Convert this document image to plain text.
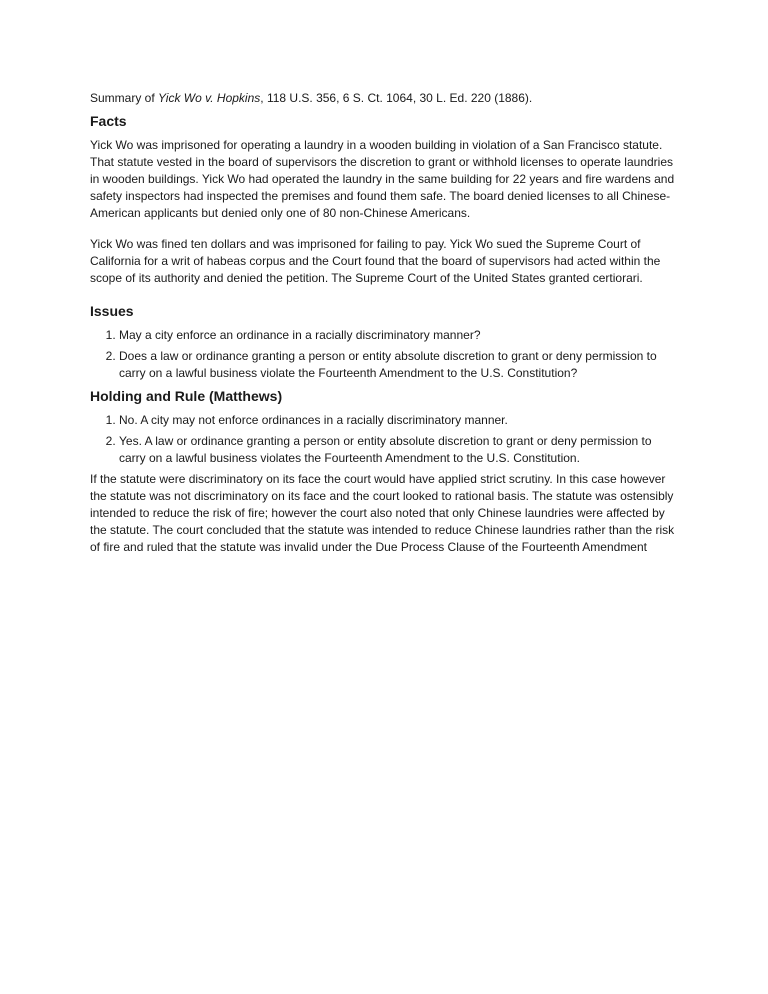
Summary of Yick Wo v. Hopkins, 118 U.S. 356, 6 S. Ct. 1064, 30 L. Ed. 220 (1886).
Facts

Yick Wo was imprisoned for operating a laundry in a wooden building in violation of a San Francisco statute. That statute vested in the board of supervisors the discretion to grant or withhold licenses to operate laundries in wooden buildings. Yick Wo had operated the laundry in the same building for 22 years and fire wardens and safety inspectors had inspected the premises and found them safe. The board denied licenses to all Chinese-American applicants but denied only one of 80 non-Chinese Americans.

Yick Wo was fined ten dollars and was imprisoned for failing to pay. Yick Wo sued the Supreme Court of California for a writ of habeas corpus and the Court found that the board of supervisors had acted within the scope of its authority and denied the petition. The Supreme Court of the United States granted certiorari.

Issues
1. May a city enforce an ordinance in a racially discriminatory manner?
2. Does a law or ordinance granting a person or entity absolute discretion to grant or deny permission to carry on a lawful business violate the Fourteenth Amendment to the U.S. Constitution?
Holding and Rule (Matthews)
1. No. A city may not enforce ordinances in a racially discriminatory manner.
2. Yes. A law or ordinance granting a person or entity absolute discretion to grant or deny permission to carry on a lawful business violates the Fourteenth Amendment to the U.S. Constitution.

If the statute were discriminatory on its face the court would have applied strict scrutiny. In this case however the statute was not discriminatory on its face and the court looked to rational basis. The statute was ostensibly intended to reduce the risk of fire; however the court also noted that only Chinese laundries were affected by the statute. The court concluded that the statute was intended to reduce Chinese laundries rather than the risk of fire and ruled that the statute was invalid under the Due Process Clause of the Fourteenth Amendment
